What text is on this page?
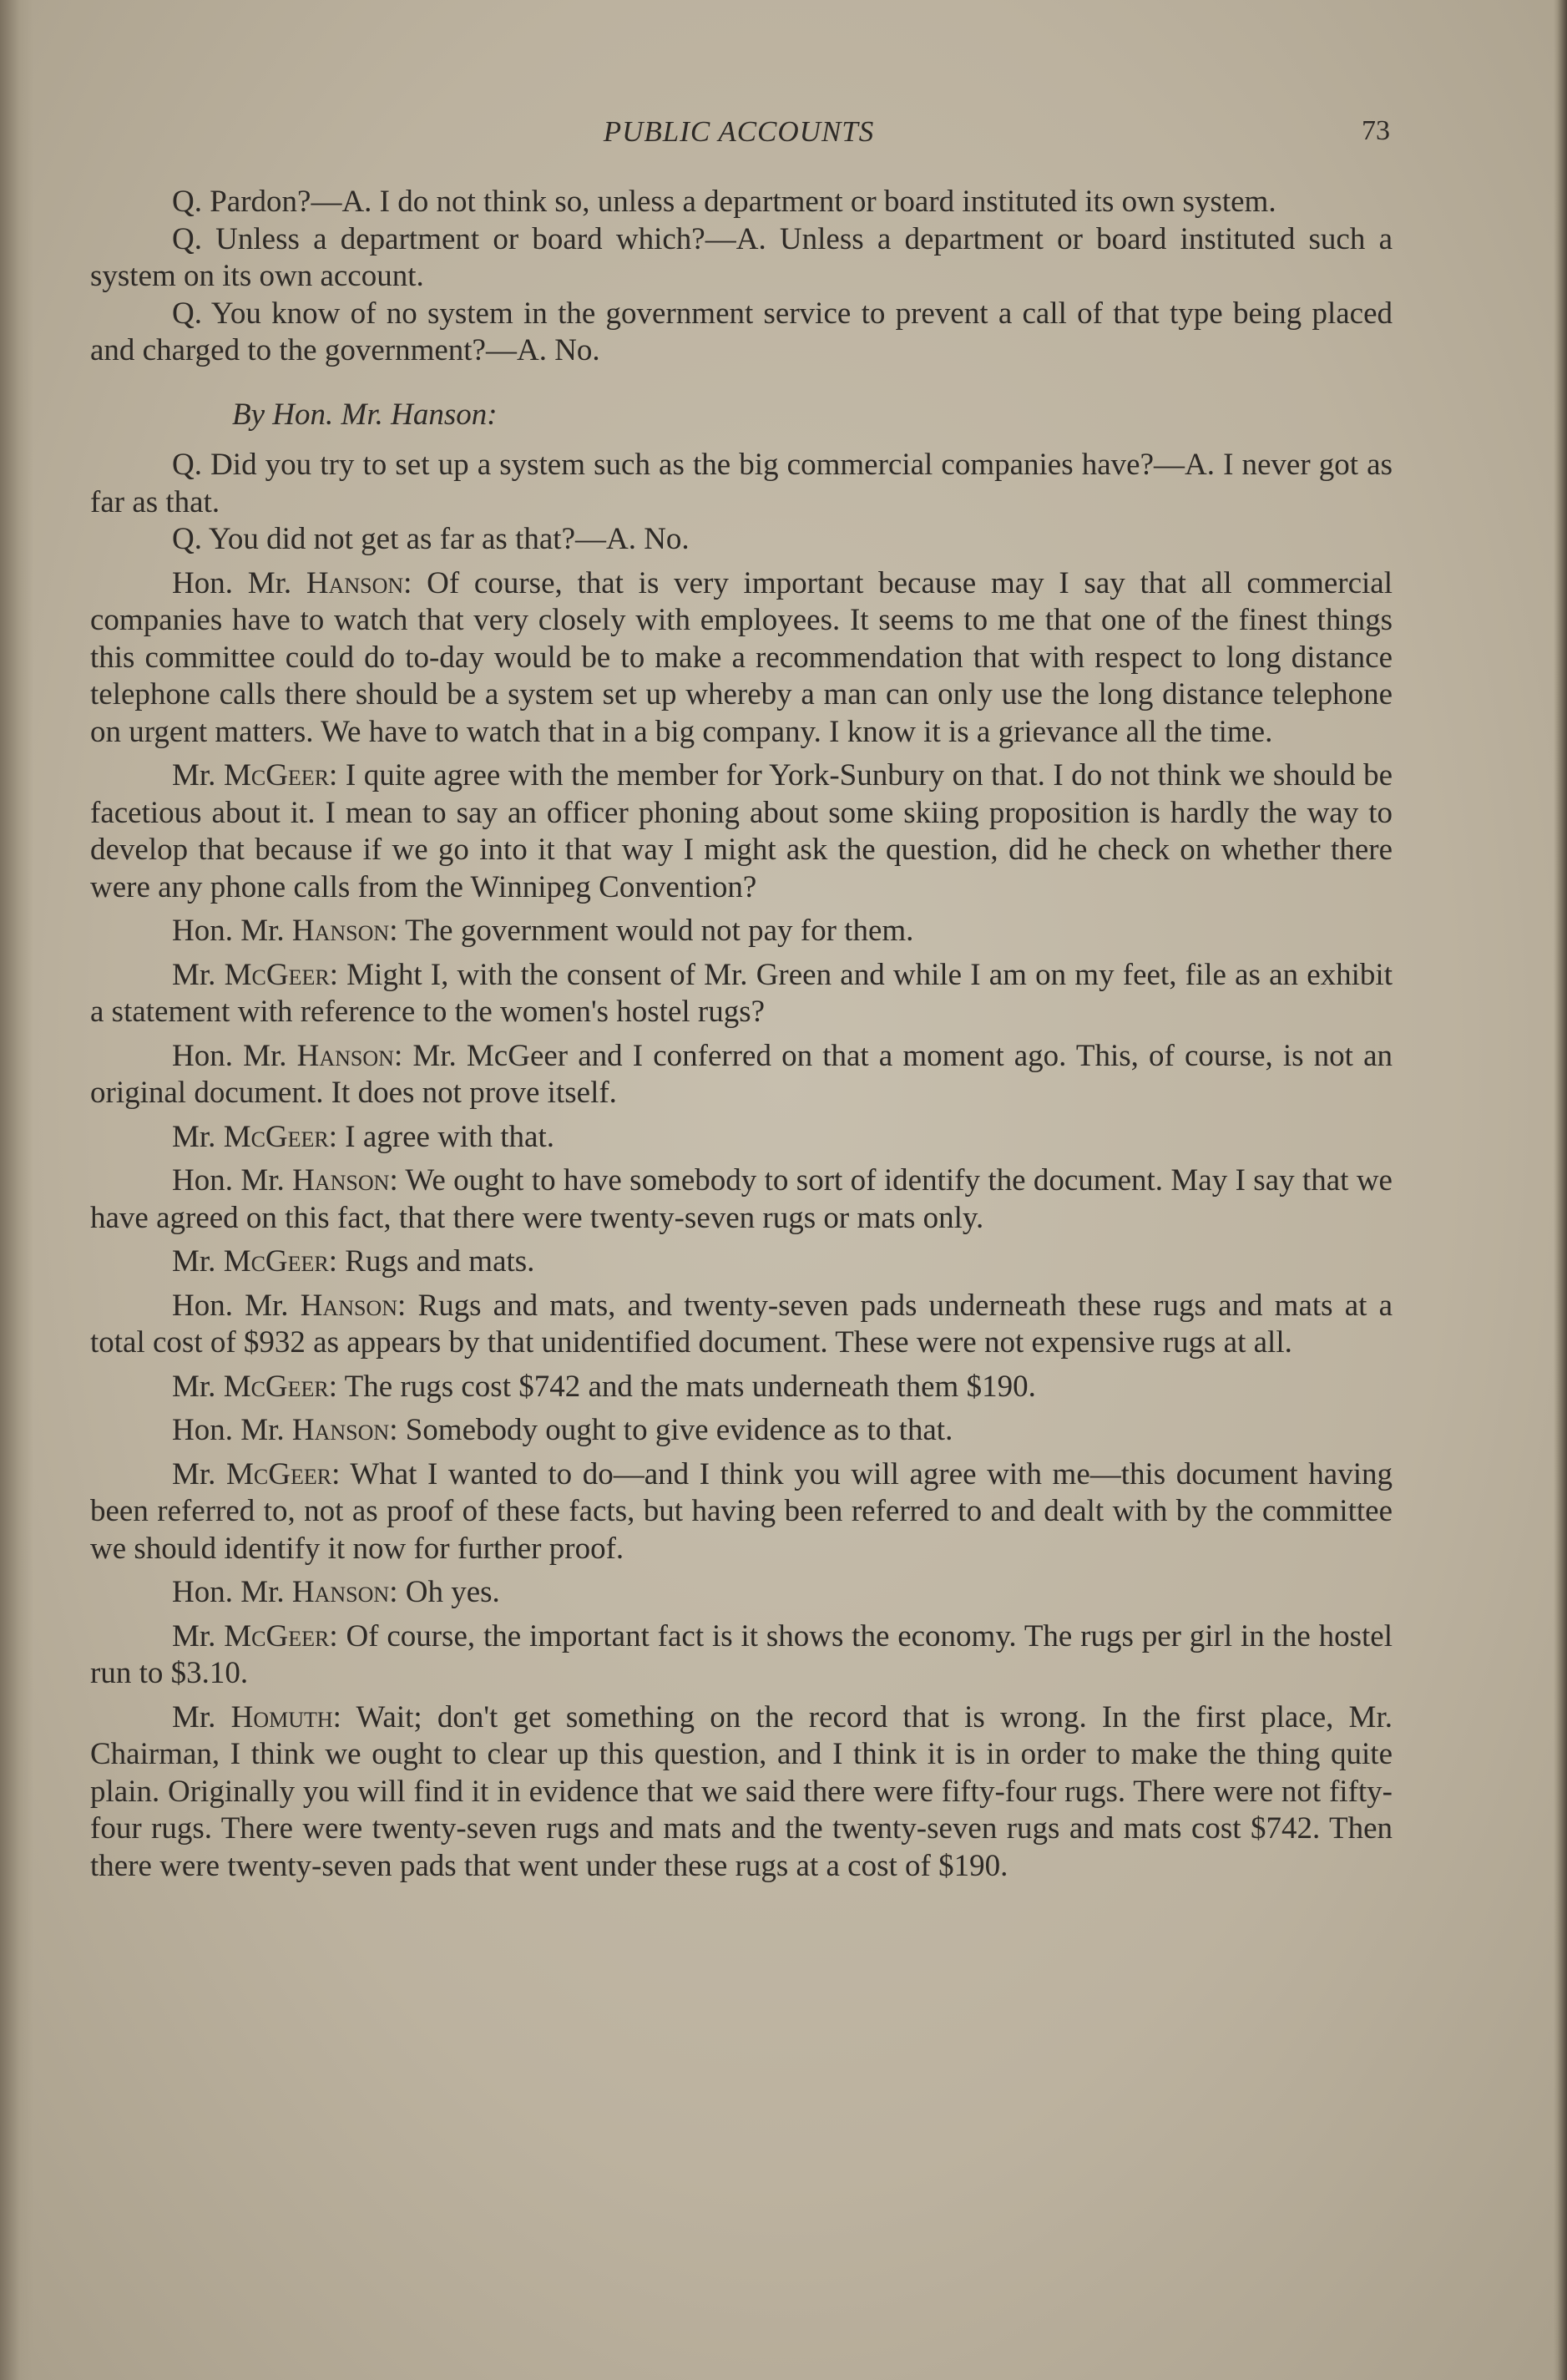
PUBLIC ACCOUNTS	73

Q. Pardon?—A. I do not think so, unless a department or board instituted its own system.

Q. Unless a department or board which?—A. Unless a department or board instituted such a system on its own account.

Q. You know of no system in the government service to prevent a call of that type being placed and charged to the government?—A. No.

By Hon. Mr. Hanson:

Q. Did you try to set up a system such as the big commercial companies have?—A. I never got as far as that.

Q. You did not get as far as that?—A. No.

Hon. Mr. Hanson: Of course, that is very important because may I say that all commercial companies have to watch that very closely with employees. It seems to me that one of the finest things this committee could do to-day would be to make a recommendation that with respect to long distance telephone calls there should be a system set up whereby a man can only use the long distance telephone on urgent matters. We have to watch that in a big company. I know it is a grievance all the time.

Mr. McGeer: I quite agree with the member for York-Sunbury on that. I do not think we should be facetious about it. I mean to say an officer phoning about some skiing proposition is hardly the way to develop that because if we go into it that way I might ask the question, did he check on whether there were any phone calls from the Winnipeg Convention?

Hon. Mr. Hanson: The government would not pay for them.

Mr. McGeer: Might I, with the consent of Mr. Green and while I am on my feet, file as an exhibit a statement with reference to the women's hostel rugs?

Hon. Mr. Hanson: Mr. McGeer and I conferred on that a moment ago. This, of course, is not an original document. It does not prove itself.

Mr. McGeer: I agree with that.

Hon. Mr. Hanson: We ought to have somebody to sort of identify the document. May I say that we have agreed on this fact, that there were twenty-seven rugs or mats only.

Mr. McGeer: Rugs and mats.

Hon. Mr. Hanson: Rugs and mats, and twenty-seven pads underneath these rugs and mats at a total cost of $932 as appears by that unidentified document. These were not expensive rugs at all.

Mr. McGeer: The rugs cost $742 and the mats underneath them $190.

Hon. Mr. Hanson: Somebody ought to give evidence as to that.

Mr. McGeer: What I wanted to do—and I think you will agree with me—this document having been referred to, not as proof of these facts, but having been referred to and dealt with by the committee we should identify it now for further proof.

Hon. Mr. Hanson: Oh yes.

Mr. McGeer: Of course, the important fact is it shows the economy. The rugs per girl in the hostel run to $3.10.

Mr. Homuth: Wait; don't get something on the record that is wrong. In the first place, Mr. Chairman, I think we ought to clear up this question, and I think it is in order to make the thing quite plain. Originally you will find it in evidence that we said there were fifty-four rugs. There were not fifty-four rugs. There were twenty-seven rugs and mats and the twenty-seven rugs and mats cost $742. Then there were twenty-seven pads that went under these rugs at a cost of $190.
